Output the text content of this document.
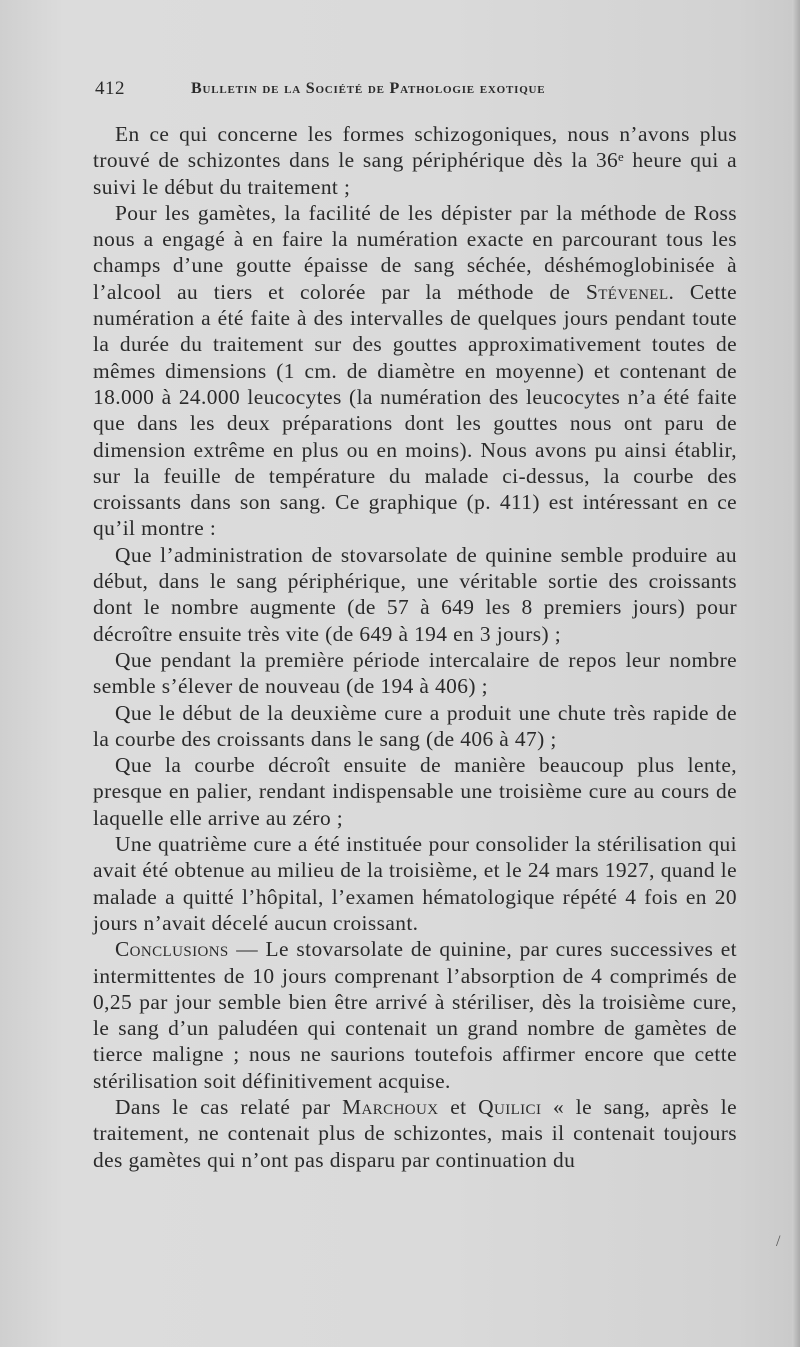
412	Bulletin de la Société de Pathologie exotique

En ce qui concerne les formes schizogoniques, nous n’avons plus trouvé de schizontes dans le sang périphérique dès la 36ᵉ heure qui a suivi le début du traitement ;

Pour les gamètes, la facilité de les dépister par la méthode de Ross nous a engagé à en faire la numération exacte en parcourant tous les champs d’une goutte épaisse de sang séchée, déshémoglobinisée à l’alcool au tiers et colorée par la méthode de Stévenel. Cette numération a été faite à des intervalles de quelques jours pendant toute la durée du traitement sur des gouttes approximativement toutes de mêmes dimensions (1 cm. de diamètre en moyenne) et contenant de 18.000 à 24.000 leucocytes (la numération des leucocytes n’a été faite que dans les deux préparations dont les gouttes nous ont paru de dimension extrême en plus ou en moins). Nous avons pu ainsi établir, sur la feuille de température du malade ci-dessus, la courbe des croissants dans son sang. Ce graphique (p. 411) est intéressant en ce qu’il montre :

Que l’administration de stovarsolate de quinine semble produire au début, dans le sang périphérique, une véritable sortie des croissants dont le nombre augmente (de 57 à 649 les 8 premiers jours) pour décroître ensuite très vite (de 649 à 194 en 3 jours) ;

Que pendant la première période intercalaire de repos leur nombre semble s’élever de nouveau (de 194 à 406) ;

Que le début de la deuxième cure a produit une chute très rapide de la courbe des croissants dans le sang (de 406 à 47) ;

Que la courbe décroît ensuite de manière beaucoup plus lente, presque en palier, rendant indispensable une troisième cure au cours de laquelle elle arrive au zéro ;

Une quatrième cure a été instituée pour consolider la stérilisation qui avait été obtenue au milieu de la troisième, et le 24 mars 1927, quand le malade a quitté l’hôpital, l’examen hématologique répété 4 fois en 20 jours n’avait décelé aucun croissant.

Conclusions — Le stovarsolate de quinine, par cures successives et intermittentes de 10 jours comprenant l’absorption de 4 comprimés de 0,25 par jour semble bien être arrivé à stériliser, dès la troisième cure, le sang d’un paludéen qui contenait un grand nombre de gamètes de tierce maligne ; nous ne saurions toutefois affirmer encore que cette stérilisation soit définitivement acquise.

Dans le cas relaté par Marchoux et Quilici « le sang, après le traitement, ne contenait plus de schizontes, mais il contenait toujours des gamètes qui n’ont pas disparu par continuation du

/
